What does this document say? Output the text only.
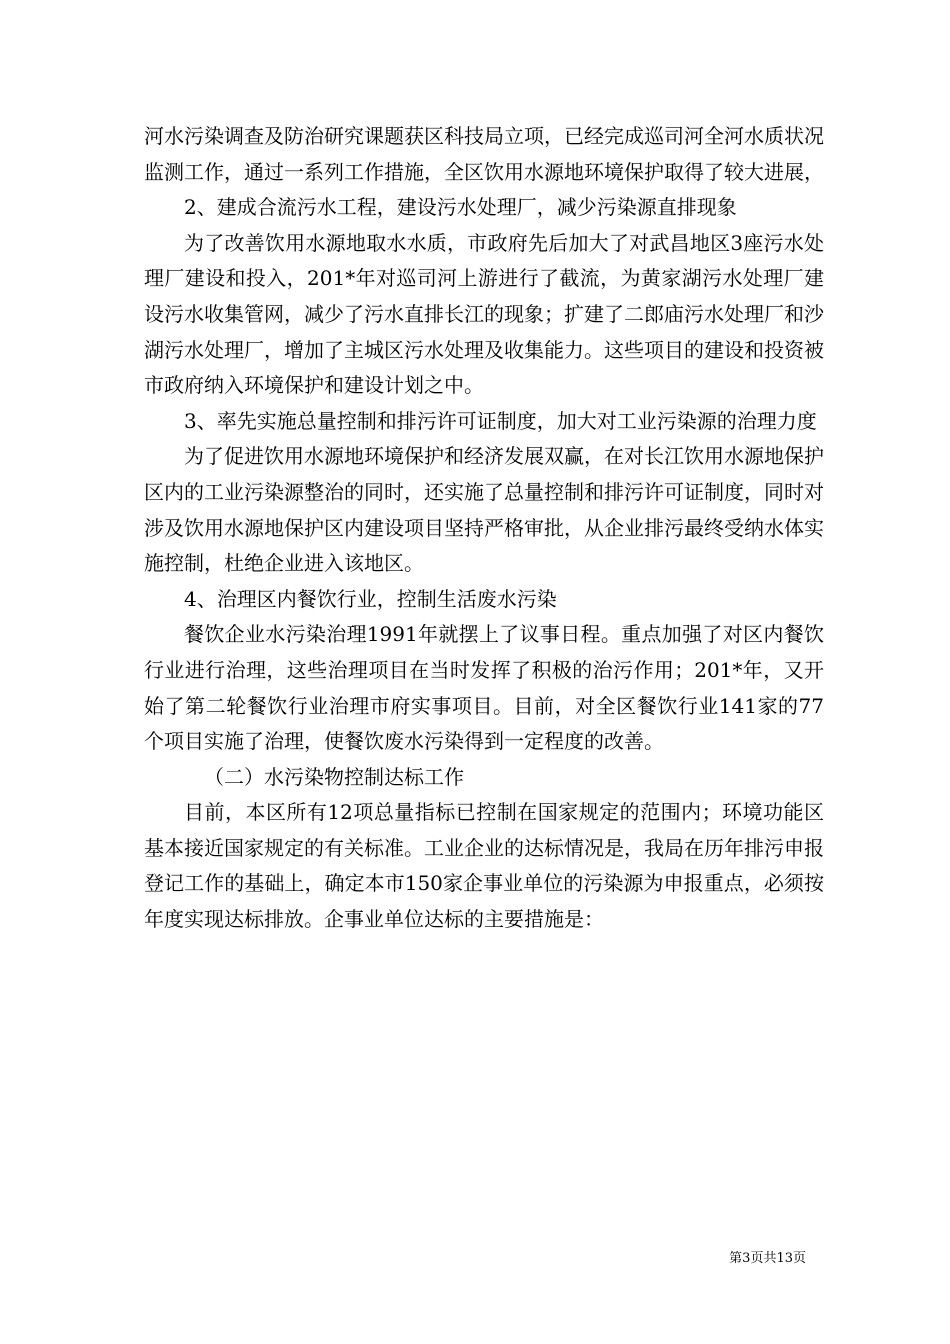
河水污染调查及防治研究课题获区科技局立项，已经完成巡司河全河水质状况监测工作，通过一系列工作措施，全区饮用水源地环境保护取得了较大进展，

2、建成合流污水工程，建设污水处理厂，减少污染源直排现象

为了改善饮用水源地取水水质，市政府先后加大了对武昌地区3座污水处理厂建设和投入，201*年对巡司河上游进行了截流，为黄家湖污水处理厂建设污水收集管网，减少了污水直排长江的现象；扩建了二郎庙污水处理厂和沙湖污水处理厂，增加了主城区污水处理及收集能力。这些项目的建设和投资被市政府纳入环境保护和建设计划之中。

3、率先实施总量控制和排污许可证制度，加大对工业污染源的治理力度

为了促进饮用水源地环境保护和经济发展双赢，在对长江饮用水源地保护区内的工业污染源整治的同时，还实施了总量控制和排污许可证制度，同时对涉及饮用水源地保护区内建设项目坚持严格审批，从企业排污最终受纳水体实施控制，杜绝企业进入该地区。

4、治理区内餐饮行业，控制生活废水污染

餐饮企业水污染治理1991年就摆上了议事日程。重点加强了对区内餐饮行业进行治理，这些治理项目在当时发挥了积极的治污作用；201*年，又开始了第二轮餐饮行业治理市府实事项目。目前，对全区餐饮行业141家的77个项目实施了治理，使餐饮废水污染得到一定程度的改善。

（二）水污染物控制达标工作

目前，本区所有12项总量指标已控制在国家规定的范围内；环境功能区基本接近国家规定的有关标准。工业企业的达标情况是，我局在历年排污申报登记工作的基础上，确定本市150家企事业单位的污染源为申报重点，必须按年度实现达标排放。企事业单位达标的主要措施是：

第3页共13页
